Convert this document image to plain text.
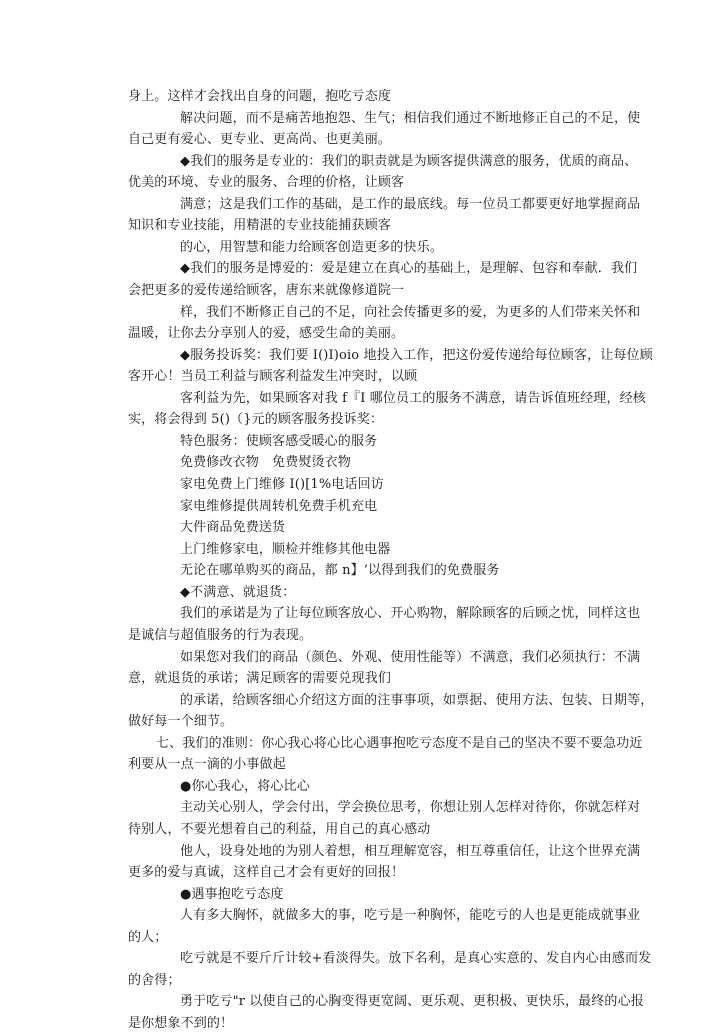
身上。这样才会找出自身的问题，抱吃亏态度
解决问题，而不是痛苦地抱怨、生气；相信我们通过不断地修正自己的不足，使
自己更有爱心、更专业、更高尚、也更美丽。
◆我们的服务是专业的：我们的职责就是为顾客提供满意的服务，优质的商品、
优美的环境、专业的服务、合理的价格，让顾客
满意；这是我们工作的基础，是工作的最底线。每一位员工都要更好地掌握商品
知识和专业技能，用精湛的专业技能捕获顾客
的心，用智慧和能力给顾客创造更多的快乐。
◆我们的服务是博爱的：爱是建立在真心的基础上，是理解、包容和奉献．我们
会把更多的爱传递给顾客，唐东来就像修道院一
样，我们不断修正自己的不足，向社会传播更多的爱，为更多的人们带来关怀和
温暖，让你去分享别人的爱，感受生命的美丽。
◆服务投诉奖：我们要 I()I)oio 地投入工作，把这份爱传递给每位顾客，让每位顾
客开心！当员工利益与顾客利益发生冲突时，以顾
客利益为先，如果顾客对我 f『I 哪位员工的服务不满意，请告诉值班经理，经核
实，将会得到 5()（}元的顾客服务投诉奖：
特色服务：使顾客感受暖心的服务
免费修改衣物　免费熨烫衣物
家电免费上门维修 I()[1%电话回访
家电维修提供周转机免费手机充电
大件商品免费送货
上门维修家电，顺检并维修其他电器
无论在哪单购买的商品，都 n】‘以得到我们的免费服务
◆不满意、就退货：
我们的承诺是为了让每位顾客放心、开心购物，解除顾客的后顾之忧，同样这也
是诚信与超值服务的行为表现。
如果您对我们的商品（颜色、外观、使用性能等）不满意，我们必须执行：不满
意，就退货的承诺；满足顾客的需要兑现我们
的承诺，给顾客细心介绍这方面的注事事项，如票据、使用方法、包装、日期等，
做好每一个细节。
七、我们的准则：你心我心将心比心遇事抱吃亏态度不是自己的坚决不要不要急功近
利要从一点一滴的小事做起
●你心我心，将心比心
主动关心别人，学会付出，学会换位思考，你想让别人怎样对待你，你就怎样对
待别人，不要光想着自己的利益，用自己的真心感动
他人，设身处地的为别人着想，相互理解宽容，相互尊重信任，让这个世界充满
更多的爱与真诚，这样自己才会有更好的回报！
●遇事抱吃亏态度
人有多大胸怀，就做多大的事，吃亏是一种胸怀，能吃亏的人也是更能成就事业
的人；
吃亏就是不要斤斤计较+看淡得失。放下名利，是真心实意的、发自内心由感而发
的舍得；
勇于吃亏"r 以使自己的心胸变得更宽阔、更乐观、更积极、更快乐，最终的心报
是你想象不到的！
